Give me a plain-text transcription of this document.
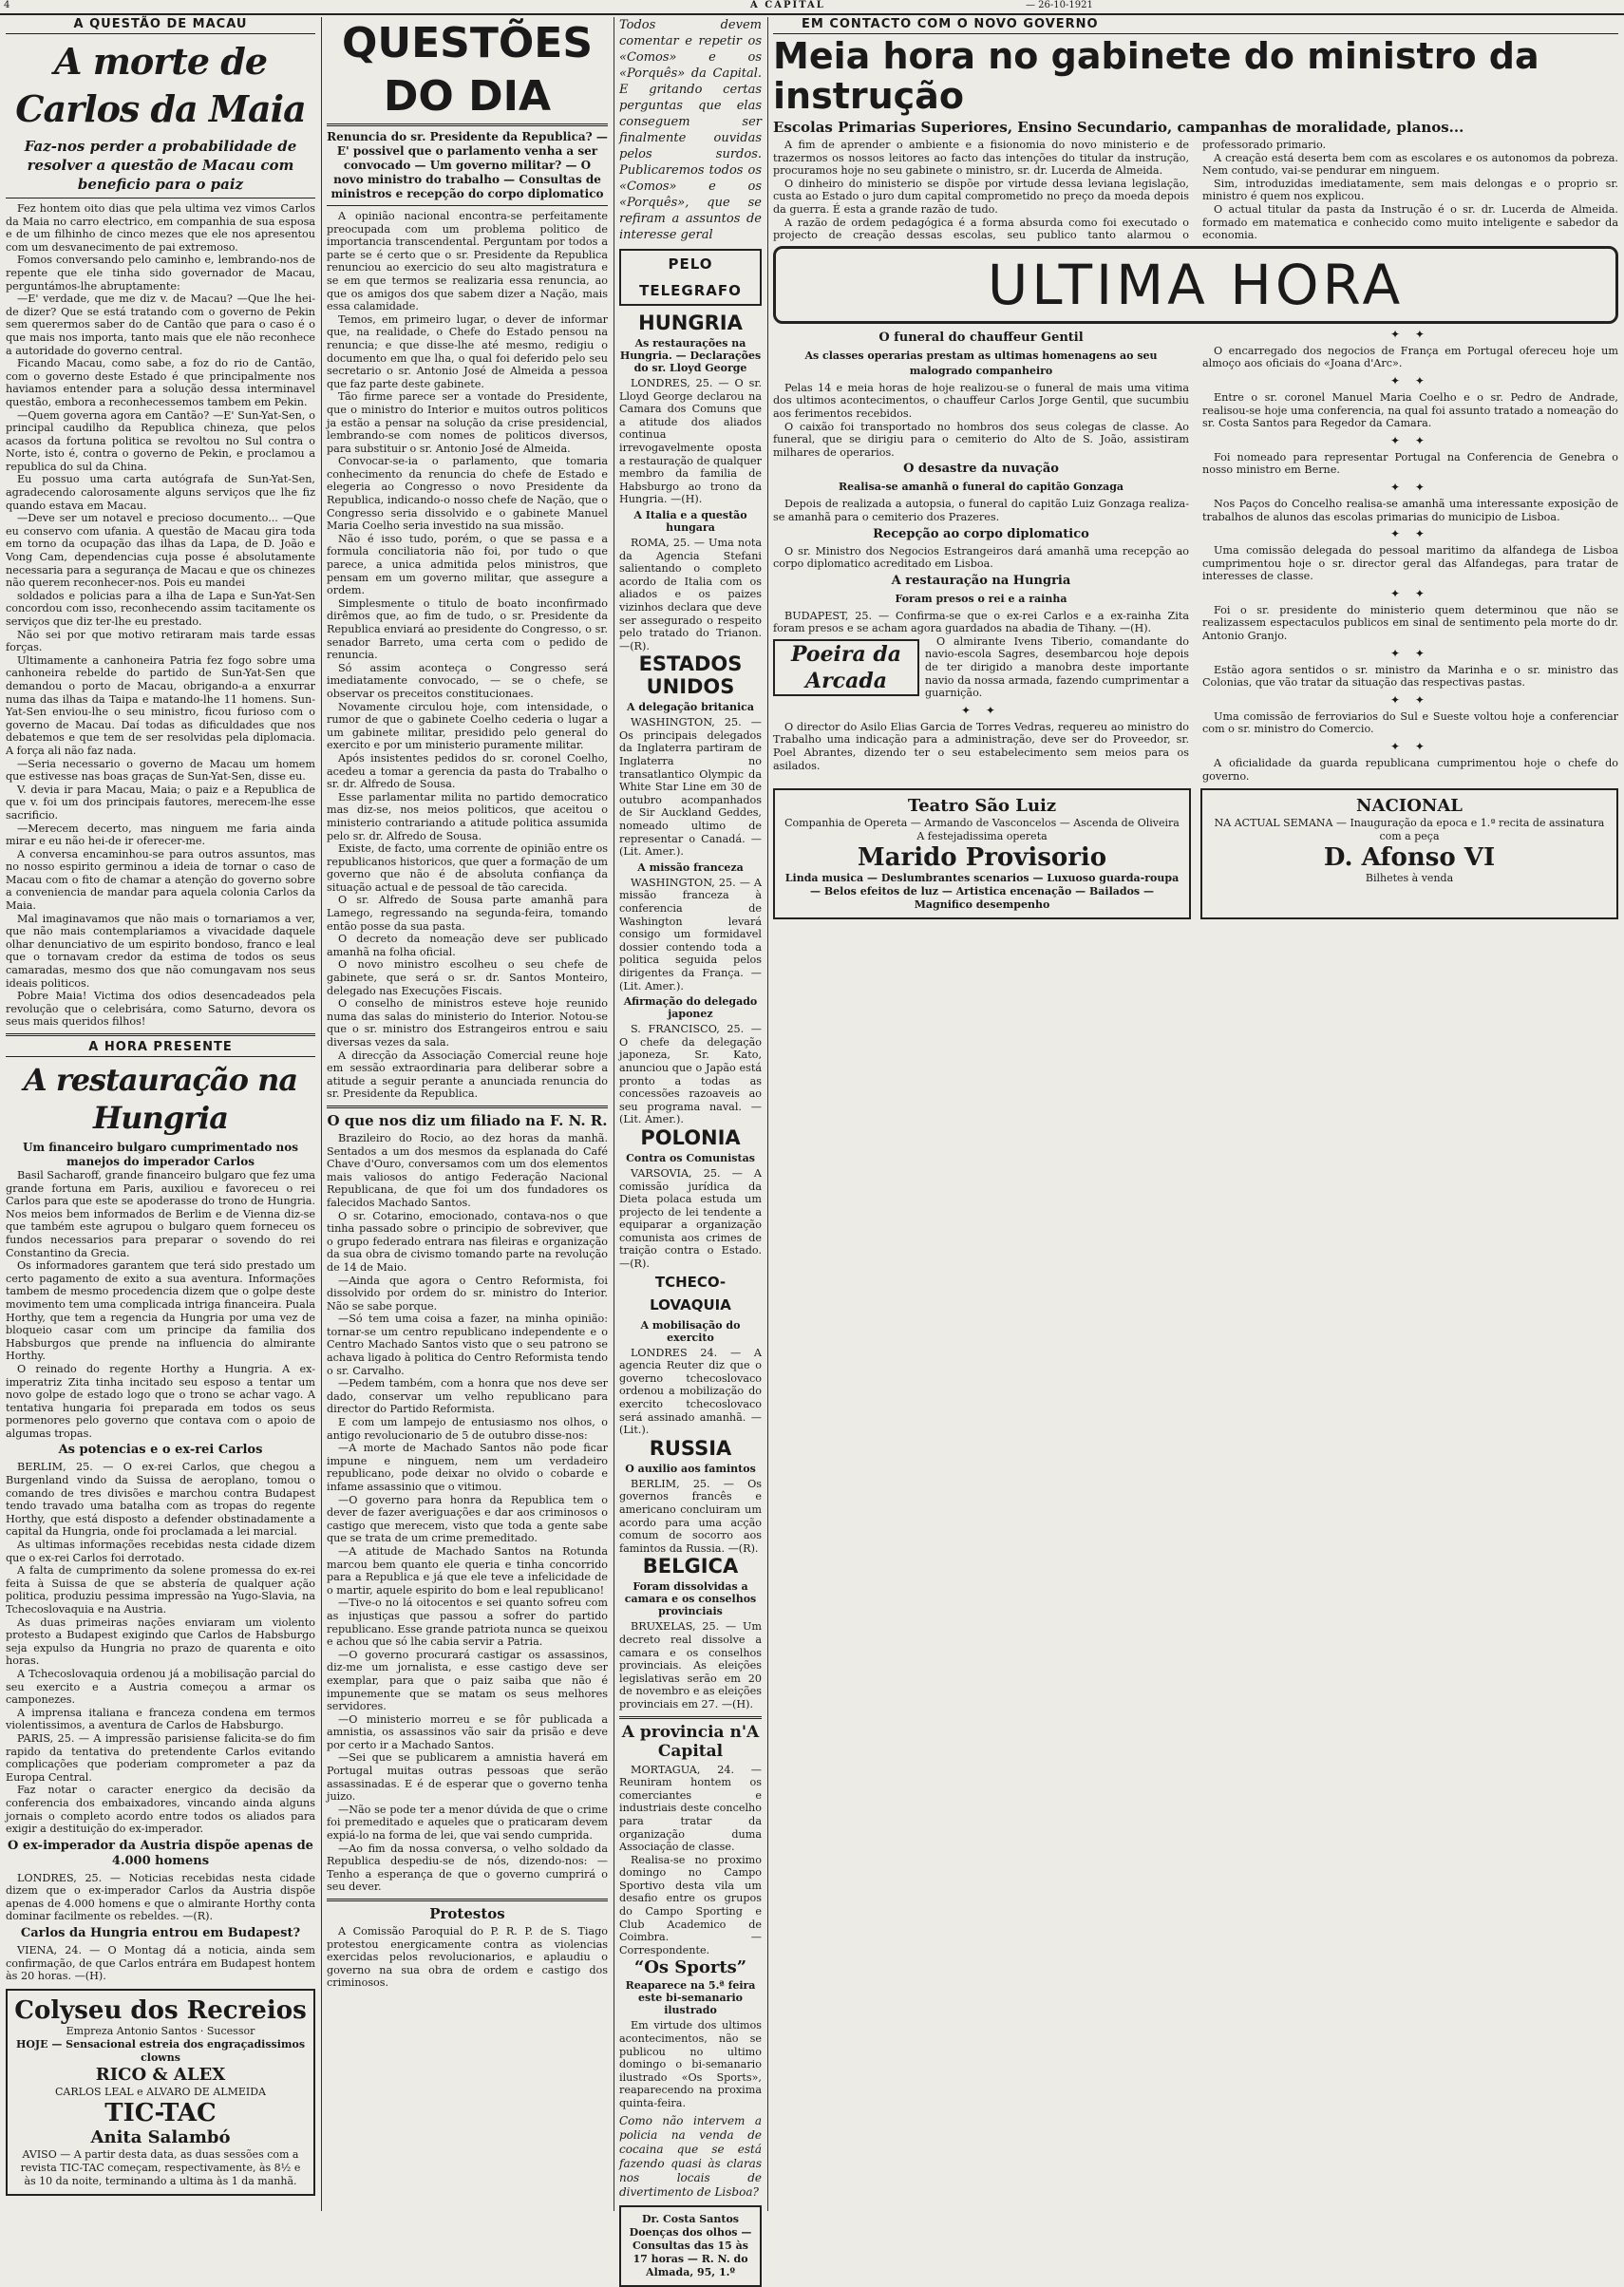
4	A CAPITAL	— 26-10-1921
A QUESTÃO DE MACAU
A morte de Carlos da Maia
Faz-nos perder a probabilidade de resolver a questão de Macau com beneficio para o paiz

Fez hontem oito dias que pela ultima vez vimos Carlos da Maia no carro electrico, em companhia de sua esposa e de um filhinho de cinco mezes que ele nos apresentou com um desvanecimento de pai extremoso.

Fomos conversando pelo caminho e, lembrando-nos de repente que ele tinha sido governador de Macau, perguntámos-lhe abruptamente:

—E' verdade, que me diz v. de Macau? —Que lhe hei-de dizer? Que se está tratando com o governo de Pekin sem querermos saber do de Cantão que para o caso é o que mais nos importa, tanto mais que ele não reconhece a autoridade do governo central.

Ficando Macau, como sabe, a foz do rio de Cantão, com o governo deste Estado é que principalmente nos haviamos entender para a solução dessa interminavel questão, embora a reconhecessemos tambem em Pekin.

—Quem governa agora em Cantão? —E' Sun-Yat-Sen, o principal caudilho da Republica chineza, que pelos acasos da fortuna politica se revoltou no Sul contra o Norte, isto é, contra o governo de Pekin, e proclamou a republica do sul da China.

Eu possuo uma carta autógrafa de Sun-Yat-Sen, agradecendo calorosamente alguns serviços que lhe fiz quando estava em Macau.

—Deve ser um notavel e precioso documento... —Que eu conservo com ufania. A questão de Macau gira toda em torno da ocupação das ilhas da Lapa, de D. João e Vong Cam, dependencias cuja posse é absolutamente necessaria para a segurança de Macau e que os chinezes não querem reconhecer-nos. Pois eu mandei

soldados e policias para a ilha de Lapa e Sun-Yat-Sen concordou com isso, reconhecendo assim tacitamente os serviços que diz ter-lhe eu prestado.

Não sei por que motivo retiraram mais tarde essas forças.

Ultimamente a canhoneira Patria fez fogo sobre uma canhoneira rebelde do partido de Sun-Yat-Sen que demandou o porto de Macau, obrigando-a a enxurrar numa das ilhas da Taipa e matando-lhe 11 homens. Sun-Yat-Sen enviou-lhe o seu ministro, ficou furioso com o governo de Macau. Daí todas as dificuldades que nos debatemos e que tem de ser resolvidas pela diplomacia. A força ali não faz nada.

—Seria necessario o governo de Macau um homem que estivesse nas boas graças de Sun-Yat-Sen, disse eu.

V. devia ir para Macau, Maia; o paiz e a Republica de que v. foi um dos principais fautores, merecem-lhe esse sacrificio.

—Merecem decerto, mas ninguem me faria ainda mirar e eu não hei-de ir oferecer-me.

A conversa encaminhou-se para outros assuntos, mas no nosso espirito germinou a ideia de tornar o caso de Macau com o fito de chamar a atenção do governo sobre a conveniencia de mandar para aquela colonia Carlos da Maia.

Mal imaginavamos que não mais o tornariamos a ver, que não mais contemplariamos a vivacidade daquele olhar denunciativo de um espirito bondoso, franco e leal que o tornavam credor da estima de todos os seus camaradas, mesmo dos que não comungavam nos seus ideais politicos.

Pobre Maia! Victima dos odios desencadeados pela revolução que o celebrisára, como Saturno, devora os seus mais queridos filhos!

A HORA PRESENTE
A restauração na Hungria
Um financeiro bulgaro cumprimentado nos manejos do imperador Carlos

Basil Sacharoff, grande financeiro bulgaro que fez uma grande fortuna em Paris, auxiliou e favoreceu o rei Carlos para que este se apoderasse do trono de Hungria. Nos meios bem informados de Berlim e de Vienna diz-se que também este agrupou o bulgaro quem forneceu os fundos necessarios para preparar o sovendo do rei Constantino da Grecia.

Os informadores garantem que terá sido prestado um certo pagamento de exito a sua aventura. Informações tambem de mesmo procedencia dizem que o golpe deste movimento tem uma complicada intriga financeira. Puala Horthy, que tem a regencia da Hungria por uma vez de bloqueio casar com um principe da familia dos Habsburgos que prende na influencia do almirante Horthy.

O reinado do regente Horthy a Hungria. A ex-imperatriz Zita tinha incitado seu esposo a tentar um novo golpe de estado logo que o trono se achar vago. A tentativa hungaria foi preparada em todos os seus pormenores pelo governo que contava com o apoio de algumas tropas.

As potencias e o ex-rei Carlos

BERLIM, 25. — O ex-rei Carlos, que chegou a Burgenland vindo da Suissa de aeroplano, tomou o comando de tres divisões e marchou contra Budapest tendo travado uma batalha com as tropas do regente Horthy, que está disposto a defender obstinadamente a capital da Hungria, onde foi proclamada a lei marcial.

As ultimas informações recebidas nesta cidade dizem que o ex-rei Carlos foi derrotado.

A falta de cumprimento da solene promessa do ex-rei feita à Suissa de que se abstería de qualquer ação politica, produziu pessima impressão na Yugo-Slavia, na Tchecoslovaquia e na Austria.

As duas primeiras nações enviaram um violento protesto a Budapest exigindo que Carlos de Habsburgo seja expulso da Hungria no prazo de quarenta e oito horas.

A Tchecoslovaquia ordenou já a mobilisação parcial do seu exercito e a Austria começou a armar os camponezes.

A imprensa italiana e franceza condena em termos violentissimos, a aventura de Carlos de Habsburgo.

PARIS, 25. — A impressão parisiense falicita-se do fim rapido da tentativa do pretendente Carlos evitando complicações que poderiam comprometer a paz da Europa Central.

Faz notar o caracter energico da decisão da conferencia dos embaixadores, vincando ainda alguns jornais o completo acordo entre todos os aliados para exigir a destituição do ex-imperador.

O ex-imperador da Austria dispõe apenas de 4.000 homens

LONDRES, 25. — Noticias recebidas nesta cidade dizem que o ex-imperador Carlos da Austria dispõe apenas de 4.000 homens e que o almirante Horthy conta dominar facilmente os rebeldes. —(R).

Carlos da Hungria entrou em Budapest?

VIENA, 24. — O Montag dá a noticia, ainda sem confirmação, de que Carlos entrára em Budapest hontem às 20 horas. —(H).

Colyseu dos Recreios
Empreza Antonio Santos · Sucessor
HOJE — Sensacional estreia dos engraçadissimos clowns
RICO & ALEX
CARLOS LEAL e ALVARO DE ALMEIDA
TIC-TAC
Anita Salambó
AVISO — A partir desta data, as duas sessões com a revista TIC-TAC começam, respectivamente, às 8½ e às 10 da noite, terminando a ultima às 1 da manhã.
QUESTÕES DO DIA
Renuncia do sr. Presidente da Republica? — E' possivel que o parlamento venha a ser convocado — Um governo militar? — O novo ministro do trabalho — Consultas de ministros e recepção do corpo diplomatico

A opinião nacional encontra-se perfeitamente preocupada com um problema politico de importancia transcendental. Perguntam por todos a parte se é certo que o sr. Presidente da Republica renunciou ao exercicio do seu alto magistratura e se em que termos se realizaria essa renuncia, ao que os amigos dos que sabem dizer a Nação, mais essa calamidade.

Temos, em primeiro lugar, o dever de informar que, na realidade, o Chefe do Estado pensou na renuncia; e que disse-lhe até mesmo, redigiu o documento em que lha, o qual foi deferido pelo seu secretario o sr. Antonio José de Almeida a pessoa que faz parte deste gabinete.

Tão firme parece ser a vontade do Presidente, que o ministro do Interior e muitos outros politicos ja estão a pensar na solução da crise presidencial, lembrando-se com nomes de politicos diversos, para substituir o sr. Antonio José de Almeida.

Convocar-se-ia o parlamento, que tomaria conhecimento da renuncia do chefe de Estado e elegeria ao Congresso o novo Presidente da Republica, indicando-o nosso chefe de Nação, que o Congresso seria dissolvido e o gabinete Manuel Maria Coelho seria investido na sua missão.

Não é isso tudo, porém, o que se passa e a formula conciliatoria não foi, por tudo o que parece, a unica admitida pelos ministros, que pensam em um governo militar, que assegure a ordem.

Simplesmente o titulo de boato inconfirmado dirêmos que, ao fim de tudo, o sr. Presidente da Republica enviará ao presidente do Congresso, o sr. senador Barreto, uma certa com o pedido de renuncia.

Só assim aconteça o Congresso será imediatamente convocado, — se o chefe, se observar os preceitos constitucionaes.

Novamente circulou hoje, com intensidade, o rumor de que o gabinete Coelho cederia o lugar a um gabinete militar, presidido pelo general do exercito e por um ministerio puramente militar.

Após insistentes pedidos do sr. coronel Coelho, acedeu a tomar a gerencia da pasta do Trabalho o sr. dr. Alfredo de Sousa.

Esse parlamentar milita no partido democratico mas diz-se, nos meios politicos, que aceitou o ministerio contrariando a atitude politica assumida pelo sr. dr. Alfredo de Sousa.

Existe, de facto, uma corrente de opinião entre os republicanos historicos, que quer a formação de um governo que não é de absoluta confiança da situação actual e de pessoal de tão carecida.

O sr. Alfredo de Sousa parte amanhã para Lamego, regressando na segunda-feira, tomando então posse da sua pasta.

O decreto da nomeação deve ser publicado amanhã na folha oficial.

O novo ministro escolheu o seu chefe de gabinete, que será o sr. dr. Santos Monteiro, delegado nas Execuções Fiscais.

O conselho de ministros esteve hoje reunido numa das salas do ministerio do Interior. Notou-se que o sr. ministro dos Estrangeiros entrou e saiu diversas vezes da sala.

A direcção da Associação Comercial reune hoje em sessão extraordinaria para deliberar sobre a atitude a seguir perante a anunciada renuncia do sr. Presidente da Republica.

O que nos diz um filiado na F. N. R.

Brazileiro do Rocio, ao dez horas da manhã. Sentados a um dos mesmos da esplanada do Café Chave d'Ouro, conversamos com um dos elementos mais valiosos do antigo Federação Nacional Republicana, de que foi um dos fundadores os falecidos Machado Santos.

O sr. Cotarino, emocionado, contava-nos o que tinha passado sobre o principio de sobreviver, que o grupo federado entrara nas fileiras e organização da sua obra de civismo tomando parte na revolução de 14 de Maio.

—Ainda que agora o Centro Reformista, foi dissolvido por ordem do sr. ministro do Interior. Não se sabe porque.

—Só tem uma coisa a fazer, na minha opinião: tornar-se um centro republicano independente e o Centro Machado Santos visto que o seu patrono se achava ligado à politica do Centro Reformista tendo o sr. Carvalho.

—Pedem também, com a honra que nos deve ser dado, conservar um velho republicano para director do Partido Reformista.

E com um lampejo de entusiasmo nos olhos, o antigo revolucionario de 5 de outubro disse-nos:

—A morte de Machado Santos não pode ficar impune e ninguem, nem um verdadeiro republicano, pode deixar no olvido o cobarde e infame assassinio que o vitimou.

—O governo para honra da Republica tem o dever de fazer averiguações e dar aos criminosos o castigo que merecem, visto que toda a gente sabe que se trata de um crime premeditado.

—A atitude de Machado Santos na Rotunda marcou bem quanto ele queria e tinha concorrido para a Republica e já que ele teve a infelicidade de o martir, aquele espirito do bom e leal republicano!

—Tive-o no lá oitocentos e sei quanto sofreu com as injustiças que passou a sofrer do partido republicano. Esse grande patriota nunca se queixou e achou que só lhe cabia servir a Patria.

—O governo procurará castigar os assassinos, diz-me um jornalista, e esse castigo deve ser exemplar, para que o paiz saiba que não é impunemente que se matam os seus melhores servidores.

—O ministerio morreu e se fôr publicada a amnistia, os assassinos vão sair da prisão e deve por certo ir a Machado Santos.

—Sei que se publicarem a amnistia haverá em Portugal muitas outras pessoas que serão assassinadas. E é de esperar que o governo tenha juizo.

—Não se pode ter a menor dúvida de que o crime foi premeditado e aqueles que o praticaram devem expiá-lo na forma de lei, que vai sendo cumprida.

—Ao fim da nossa conversa, o velho soldado da Republica despediu-se de nós, dizendo-nos: — Tenho a esperança de que o governo cumprirá o seu dever.

Protestos

A Comissão Paroquial do P. R. P. de S. Tiago protestou energicamente contra as violencias exercidas pelos revolucionarios, e aplaudiu o governo na sua obra de ordem e castigo dos criminosos.

Todos devem comentar e repetir os «Comos» e os «Porquês» da Capital. E gritando certas perguntas que elas conseguem ser finalmente ouvidas pelos surdos. Publicaremos todos os «Comos» e os «Porquês», que se refiram a assuntos de interesse geral
PELO TELEGRAFO
HUNGRIA
As restaurações na Hungria. — Declarações do sr. Lloyd George

LONDRES, 25. — O sr. Lloyd George declarou na Camara dos Comuns que a atitude dos aliados continua irrevogavelmente oposta a restauração de qualquer membro da familia de Habsburgo ao trono da Hungria. —(H).

A Italia e a questão hungara

ROMA, 25. — Uma nota da Agencia Stefani salientando o completo acordo de Italia com os aliados e os paizes vizinhos declara que deve ser assegurado o respeito pelo tratado do Trianon. —(R).

ESTADOS UNIDOS
A delegação britanica

WASHINGTON, 25. — Os principais delegados da Inglaterra partiram de Inglaterra no transatlantico Olympic da White Star Line em 30 de outubro acompanhados de Sir Auckland Geddes, nomeado ultimo de representar o Canadá. —(Lit. Amer.).

A missão franceza

WASHINGTON, 25. — A missão franceza à conferencia de Washington levará consigo um formidavel dossier contendo toda a politica seguida pelos dirigentes da França. —(Lit. Amer.).

Afirmação do delegado japonez

S. FRANCISCO, 25. — O chefe da delegação japoneza, Sr. Kato, anunciou que o Japão está pronto a todas as concessões razoaveis ao seu programa naval. —(Lit. Amer.).

POLONIA
Contra os Comunistas

VARSOVIA, 25. — A comissão jurídica da Dieta polaca estuda um projecto de lei tendente a equiparar a organização comunista aos crimes de traição contra o Estado. —(R).

TCHECO-LOVAQUIA
A mobilisação do exercito

LONDRES 24. — A agencia Reuter diz que o governo tchecoslovaco ordenou a mobilização do exercito tchecoslovaco será assinado amanhã. —(Lit.).

RUSSIA
O auxilio aos famintos

BERLIM, 25. — Os governos francês e americano concluiram um acordo para uma acção comum de socorro aos famintos da Russia. —(R).

BELGICA
Foram dissolvidas a camara e os conselhos provinciais

BRUXELAS, 25. — Um decreto real dissolve a camara e os conselhos provinciais. As eleições legislativas serão em 20 de novembro e as eleições provinciais em 27. —(H).

A provincia n'A Capital

MORTAGUA, 24. — Reuniram hontem os comerciantes e industriais deste concelho para tratar da organização duma Associação de classe.

Realisa-se no proximo domingo no Campo Sportivo desta vila um desafio entre os grupos do Campo Sporting e Club Academico de Coimbra. —Correspondente.

“Os Sports”
Reaparece na 5.ª feira este bi-semanario ilustrado

Em virtude dos ultimos acontecimentos, não se publicou no ultimo domingo o bi-semanario ilustrado «Os Sports», reaparecendo na proxima quinta-feira.

Como não intervem a policia na venda de cocaina que se está fazendo quasi às claras nos locais de divertimento de Lisboa?
Dr. Costa Santos Doenças dos olhos — Consultas das 15 às 17 horas — R. N. do Almada, 95, 1.º
EM CONTACTO COM O NOVO GOVERNO
Meia hora no gabinete do ministro da instrução
Escolas Primarias Superiores, Ensino Secundario, campanhas de moralidade, planos...

A fim de aprender o ambiente e a fisionomia do novo ministerio e de trazermos os nossos leitores ao facto das intenções do titular da instrução, procuramos hoje no seu gabinete o ministro, sr. dr. Lucerda de Almeida.

O dinheiro do ministerio se dispõe por virtude dessa leviana legislação, custa ao Estado o juro dum capital comprometido no preço da moeda depois da guerra. É esta a grande razão de tudo.

A razão de ordem pedagógica é a forma absurda como foi executado o projecto de creação dessas escolas, seu publico tanto alarmou o professorado primario.

A creação está deserta bem com as escolares e os autonomos da pobreza. Nem contudo, vai-se pendurar em ninguem.

Sim, introduzidas imediatamente, sem mais delongas e o proprio sr. ministro é quem nos explicou.

O actual titular da pasta da Instrução é o sr. dr. Lucerda de Almeida. formado em matematica e conhecido como muito inteligente e sabedor da economia.

ULTIMA HORA
O funeral do chauffeur Gentil
As classes operarias prestam as ultimas homenagens ao seu malogrado companheiro

Pelas 14 e meia horas de hoje realizou-se o funeral de mais uma vitima dos ultimos acontecimentos, o chauffeur Carlos Jorge Gentil, que sucumbiu aos ferimentos recebidos.

O caixão foi transportado no hombros dos seus colegas de classe. Ao funeral, que se dirigiu para o cemiterio do Alto de S. João, assistiram milhares de operarios.

O desastre da nuvação
Realisa-se amanhã o funeral do capitão Gonzaga

Depois de realizada a autopsia, o funeral do capitão Luiz Gonzaga realiza-se amanhã para o cemiterio dos Prazeres.

Recepção ao corpo diplomatico

O sr. Ministro dos Negocios Estrangeiros dará amanhã uma recepção ao corpo diplomatico acreditado em Lisboa.

A restauração na Hungria
Foram presos o rei e a rainha

BUDAPEST, 25. — Confirma-se que o ex-rei Carlos e a ex-rainha Zita foram presos e se acham agora guardados na abadia de Tihany. —(H).

Poeira da Arcada

O almirante Ivens Tiberio, comandante do navio-escola Sagres, desembarcou hoje depois de ter dirigido a manobra deste importante navio da nossa armada, fazendo cumprimentar a guarnição.

✦ ✦

O director do Asilo Elias Garcia de Torres Vedras, requereu ao ministro do Trabalho uma indicação para a administração, deve ser do Proveedor, sr. Poel Abrantes, dizendo ter o seu estabelecimento sem meios para os asilados.

✦ ✦

O encarregado dos negocios de França em Portugal ofereceu hoje um almoço aos oficiais do «Joana d'Arc».

✦ ✦

Entre o sr. coronel Manuel Maria Coelho e o sr. Pedro de Andrade, realisou-se hoje uma conferencia, na qual foi assunto tratado a nomeação do sr. Costa Santos para Regedor da Camara.

✦ ✦

Foi nomeado para representar Portugal na Conferencia de Genebra o nosso ministro em Berne.

✦ ✦

Nos Paços do Concelho realisa-se amanhã uma interessante exposição de trabalhos de alunos das escolas primarias do municipio de Lisboa.

✦ ✦

Uma comissão delegada do pessoal maritimo da alfandega de Lisboa cumprimentou hoje o sr. director geral das Alfandegas, para tratar de interesses de classe.

✦ ✦

Foi o sr. presidente do ministerio quem determinou que não se realizassem espectaculos publicos em sinal de sentimento pela morte do dr. Antonio Granjo.

✦ ✦

Estão agora sentidos o sr. ministro da Marinha e o sr. ministro das Colonias, que vão tratar da situação das respectivas pastas.

✦ ✦

Uma comissão de ferroviarios do Sul e Sueste voltou hoje a conferenciar com o sr. ministro do Comercio.

✦ ✦

A oficialidade da guarda republicana cumprimentou hoje o chefe do governo.

Teatro São Luiz
Companhia de Opereta — Armando de Vasconcelos — Ascenda de Oliveira
A festejadissima opereta
Marido Provisorio
Linda musica — Deslumbrantes scenarios — Luxuoso guarda-roupa — Belos efeitos de luz — Artistica encenação — Bailados — Magnifico desempenho
NACIONAL
NA ACTUAL SEMANA — Inauguração da epoca e 1.ª recita de assinatura com a peça
D. Afonso VI
Bilhetes à venda
